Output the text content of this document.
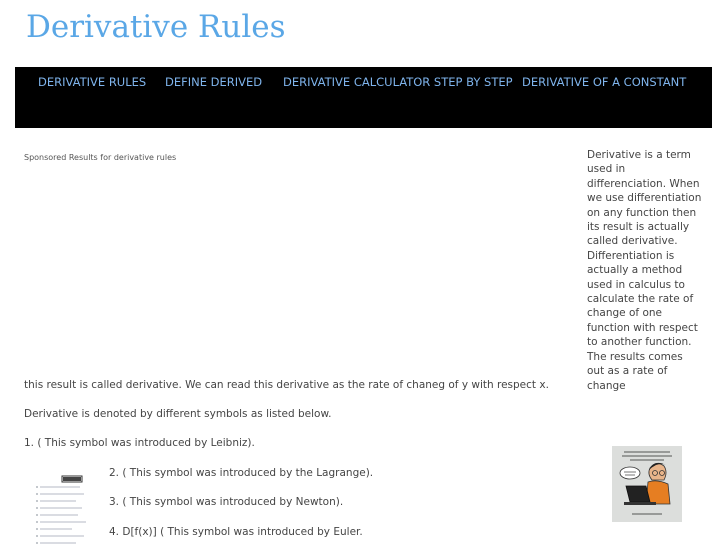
Derivative Rules
DERIVATIVE RULES DEFINE DERIVED DERIVATIVE CALCULATOR STEP BY STEP DERIVATIVE OF A CONSTANT
Sponsored Results for derivative rules	Derivative is a term used in differenciation. When we use differentiation on any function then its result is actually called derivative. Differentiation is actually a method used in calculus to calculate the rate of change of one function with respect to another function. The results comes out as a rate of change

this result is called derivative. We can read this derivative as the rate of chaneg of y with respect x.

Derivative is denoted by different symbols as listed below.

1. ( This symbol was introduced by Leibniz).

2. ( This symbol was introduced by the Lagrange).

3. ( This symbol was introduced by Newton).

4. D[f(x)] ( This symbol was introduced by Euler.
